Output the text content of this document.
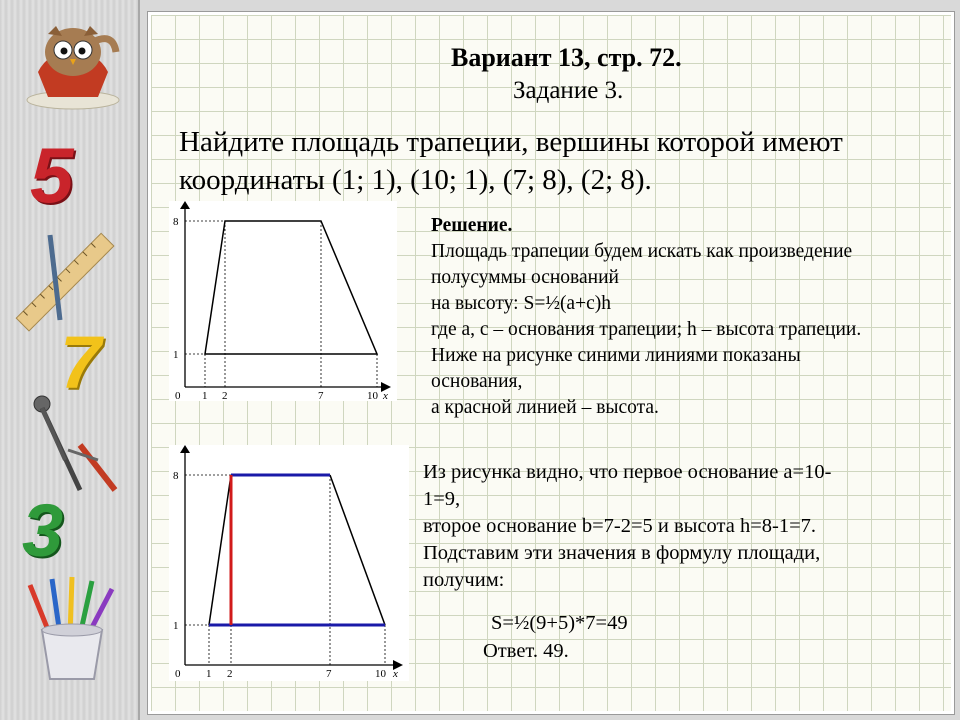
5
7
3
Вариант 13, стр. 72.
Задание 3.
Найдите площадь трапеции, вершины которой имеют
координаты (1; 1), (10; 1), (7; 8), (2; 8).
8
1
0 1 2	7	10 x
Решение.
Площадь трапеции будем искать как произведение
полусуммы оснований
на высоту: S=½(a+c)h
где а, с – основания трапеции; h – высота трапеции.
Ниже на рисунке синими линиями показаны
основания,
а красной линией – высота.
8
1
0 1 2	7	10 x
Из рисунка видно, что первое основание а=10-
1=9,
второе основание b=7-2=5 и высота h=8-1=7.
Подставим эти значения в формулу площади,
получим:
S=½(9+5)*7=49
Ответ. 49.
